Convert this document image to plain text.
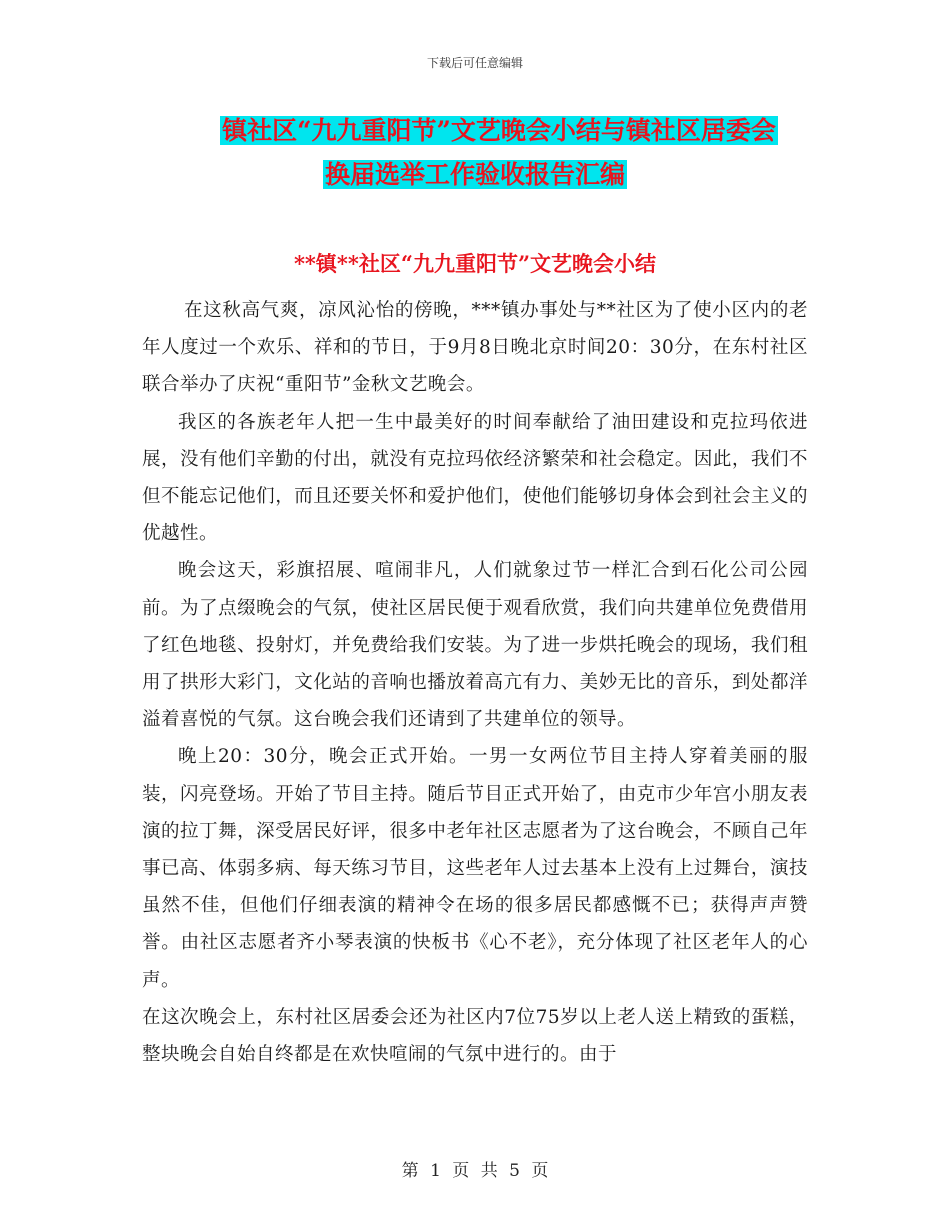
下载后可任意编辑
镇社区“九九重阳节”文艺晚会小结与镇社区居委会
换届选举工作验收报告汇编
**镇**社区“九九重阳节”文艺晚会小结

在这秋高气爽，凉风沁怡的傍晚，***镇办事处与**社区为了使小区内的老年人度过一个欢乐、祥和的节日，于9月8日晚北京时间20：30分，在东村社区联合举办了庆祝“重阳节”金秋文艺晚会。

我区的各族老年人把一生中最美好的时间奉献给了油田建设和克拉玛依进展，没有他们辛勤的付出，就没有克拉玛依经济繁荣和社会稳定。因此，我们不但不能忘记他们，而且还要关怀和爱护他们，使他们能够切身体会到社会主义的优越性。

晚会这天，彩旗招展、喧闹非凡，人们就象过节一样汇合到石化公司公园前。为了点缀晚会的气氛，使社区居民便于观看欣赏，我们向共建单位免费借用了红色地毯、投射灯，并免费给我们安装。为了进一步烘托晚会的现场，我们租用了拱形大彩门，文化站的音响也播放着高亢有力、美妙无比的音乐，到处都洋溢着喜悦的气氛。这台晚会我们还请到了共建单位的领导。

晚上20：30分，晚会正式开始。一男一女两位节目主持人穿着美丽的服装，闪亮登场。开始了节目主持。随后节目正式开始了，由克市少年宫小朋友表演的拉丁舞，深受居民好评，很多中老年社区志愿者为了这台晚会，不顾自己年事已高、体弱多病、每天练习节目，这些老年人过去基本上没有上过舞台，演技虽然不佳，但他们仔细表演的精神令在场的很多居民都感慨不已；获得声声赞誉。由社区志愿者齐小琴表演的快板书《心不老》，充分体现了社区老年人的心声。

在这次晚会上，东村社区居委会还为社区内7位75岁以上老人送上精致的蛋糕，整块晚会自始自终都是在欢快喧闹的气氛中进行的。由于

第 1 页 共 5 页
